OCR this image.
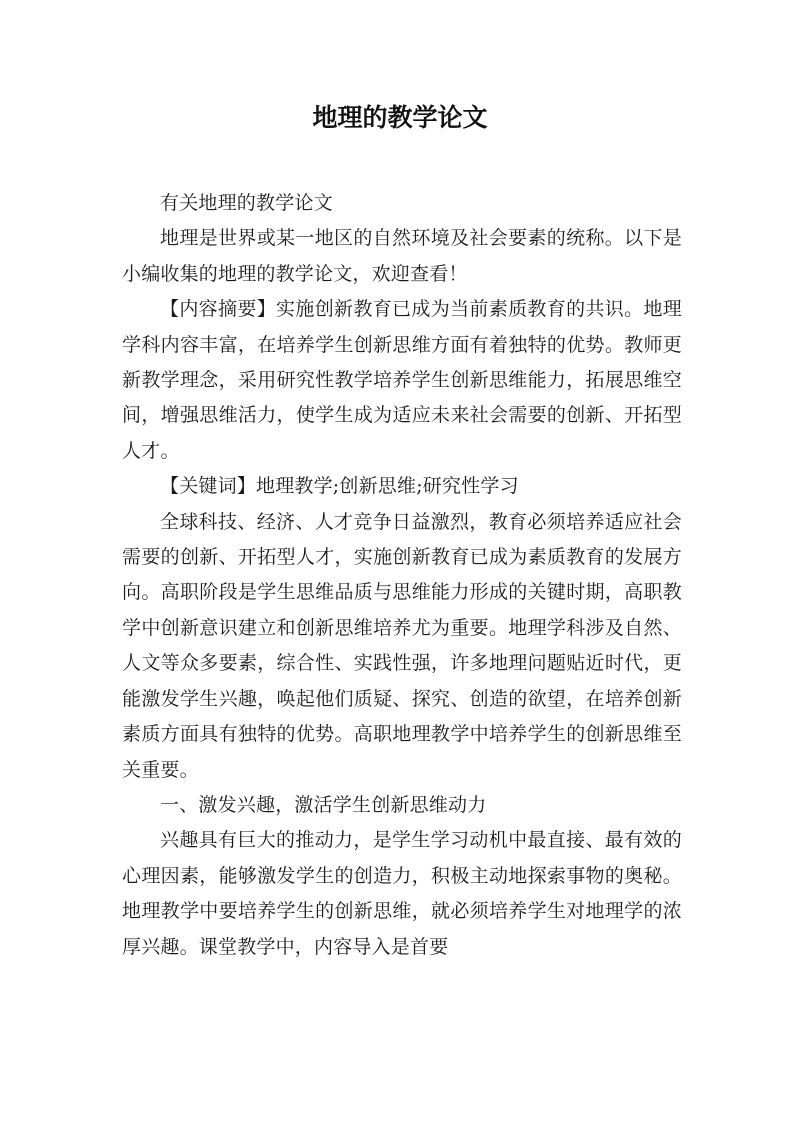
地理的教学论文

有关地理的教学论文

地理是世界或某一地区的自然环境及社会要素的统称。以下是小编收集的地理的教学论文，欢迎查看！

【内容摘要】实施创新教育已成为当前素质教育的共识。地理学科内容丰富，在培养学生创新思维方面有着独特的优势。教师更新教学理念，采用研究性教学培养学生创新思维能力，拓展思维空间，增强思维活力，使学生成为适应未来社会需要的创新、开拓型人才。

【关键词】地理教学;创新思维;研究性学习

全球科技、经济、人才竞争日益激烈，教育必须培养适应社会需要的创新、开拓型人才，实施创新教育已成为素质教育的发展方向。高职阶段是学生思维品质与思维能力形成的关键时期，高职教学中创新意识建立和创新思维培养尤为重要。地理学科涉及自然、人文等众多要素，综合性、实践性强，许多地理问题贴近时代，更能激发学生兴趣，唤起他们质疑、探究、创造的欲望，在培养创新素质方面具有独特的优势。高职地理教学中培养学生的创新思维至关重要。

一、激发兴趣，激活学生创新思维动力

兴趣具有巨大的推动力，是学生学习动机中最直接、最有效的心理因素，能够激发学生的创造力，积极主动地探索事物的奥秘。地理教学中要培养学生的创新思维，就必须培养学生对地理学的浓厚兴趣。课堂教学中，内容导入是首要
